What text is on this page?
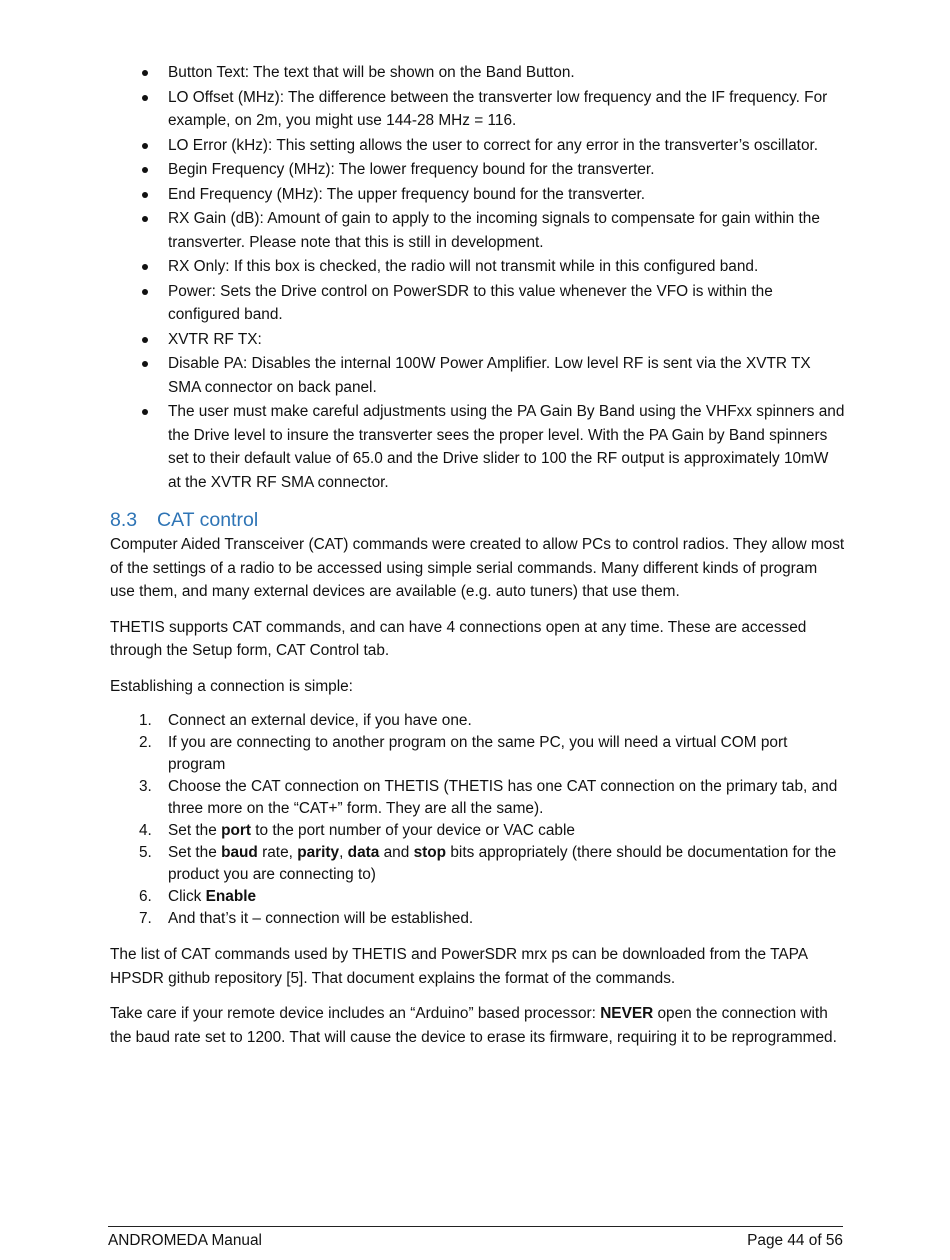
Button Text: The text that will be shown on the Band Button.
LO Offset (MHz): The difference between the transverter low frequency and the IF frequency. For example, on 2m, you might use 144-28 MHz = 116.
LO Error (kHz): This setting allows the user to correct for any error in the transverter’s oscillator.
Begin Frequency (MHz): The lower frequency bound for the transverter.
End Frequency (MHz): The upper frequency bound for the transverter.
RX Gain (dB): Amount of gain to apply to the incoming signals to compensate for gain within the transverter. Please note that this is still in development.
RX Only: If this box is checked, the radio will not transmit while in this configured band.
Power: Sets the Drive control on PowerSDR to this value whenever the VFO is within the configured band.
XVTR RF TX:
Disable PA: Disables the internal 100W Power Amplifier. Low level RF is sent via the XVTR TX SMA connector on back panel.
The user must make careful adjustments using the PA Gain By Band using the VHFxx spinners and the Drive level to insure the transverter sees the proper level. With the PA Gain by Band spinners set to their default value of 65.0 and the Drive slider to 100 the RF output is approximately 10mW at the XVTR RF SMA connector.
8.3 CAT control

Computer Aided Transceiver (CAT) commands were created to allow PCs to control radios. They allow most of the settings of a radio to be accessed using simple serial commands. Many different kinds of program use them, and many external devices are available (e.g. auto tuners) that use them.

THETIS supports CAT commands, and can have 4 connections open at any time. These are accessed through the Setup form, CAT Control tab.

Establishing a connection is simple:

1. Connect an external device, if you have one.
2. If you are connecting to another program on the same PC, you will need a virtual COM port program
3. Choose the CAT connection on THETIS (THETIS has one CAT connection on the primary tab, and three more on the “CAT+” form. They are all the same).
4. Set the port to the port number of your device or VAC cable
5. Set the baud rate, parity, data and stop bits appropriately (there should be documentation for the product you are connecting to)
6. Click Enable
7. And that’s it – connection will be established.

The list of CAT commands used by THETIS and PowerSDR mrx ps can be downloaded from the TAPA HPSDR github repository [5]. That document explains the format of the commands.

Take care if your remote device includes an “Arduino” based processor: NEVER open the connection with the baud rate set to 1200. That will cause the device to erase its firmware, requiring it to be reprogrammed.

ANDROMEDA Manual	Page 44 of 56
